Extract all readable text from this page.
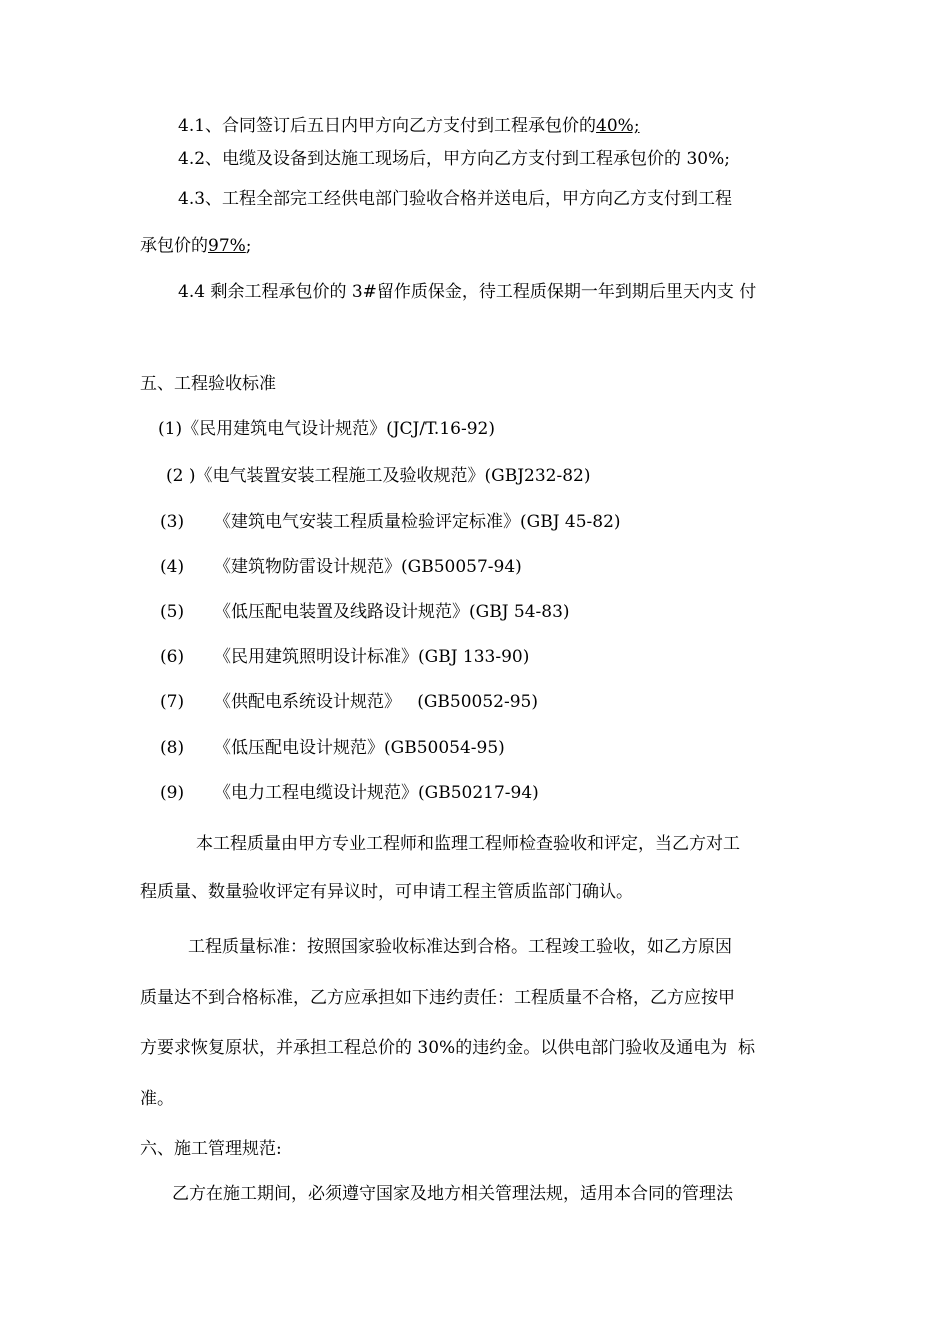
4.1、合同签订后五日内甲方向乙方支付到工程承包价的40%;
4.2、电缆及设备到达施工现场后，甲方向乙方支付到工程承包价的 30%;
4.3、工程全部完工经供电部门验收合格并送电后，甲方向乙方支付到工程
承包价的97%;
4.4 剩余工程承包价的 3#留作质保金，待工程质保期一年到期后里天内支 付
五、工程验收标准
(1)《民用建筑电气设计规范》(JCJ/T.16-92)
(2 )《电气装置安装工程施工及验收规范》(GBJ232-82)
(3) 《建筑电气安装工程质量检验评定标准》(GBJ 45-82)
(4) 《建筑物防雷设计规范》(GB50057-94)
(5) 《低压配电装置及线路设计规范》(GBJ 54-83)
(6) 《民用建筑照明设计标准》(GBJ 133-90)
(7) 《供配电系统设计规范》   (GB50052-95)
(8) 《低压配电设计规范》(GB50054-95)
(9) 《电力工程电缆设计规范》(GB50217-94)
本工程质量由甲方专业工程师和监理工程师检查验收和评定，当乙方对工
程质量、数量验收评定有异议时，可申请工程主管质监部门确认。
工程质量标准：按照国家验收标准达到合格。工程竣工验收，如乙方原因
质量达不到合格标准，乙方应承担如下违约责任：工程质量不合格，乙方应按甲
方要求恢复原状，并承担工程总价的 30%的违约金。以供电部门验收及通电为  标
准。
六、施工管理规范:
乙方在施工期间，必须遵守国家及地方相关管理法规，适用本合同的管理法
